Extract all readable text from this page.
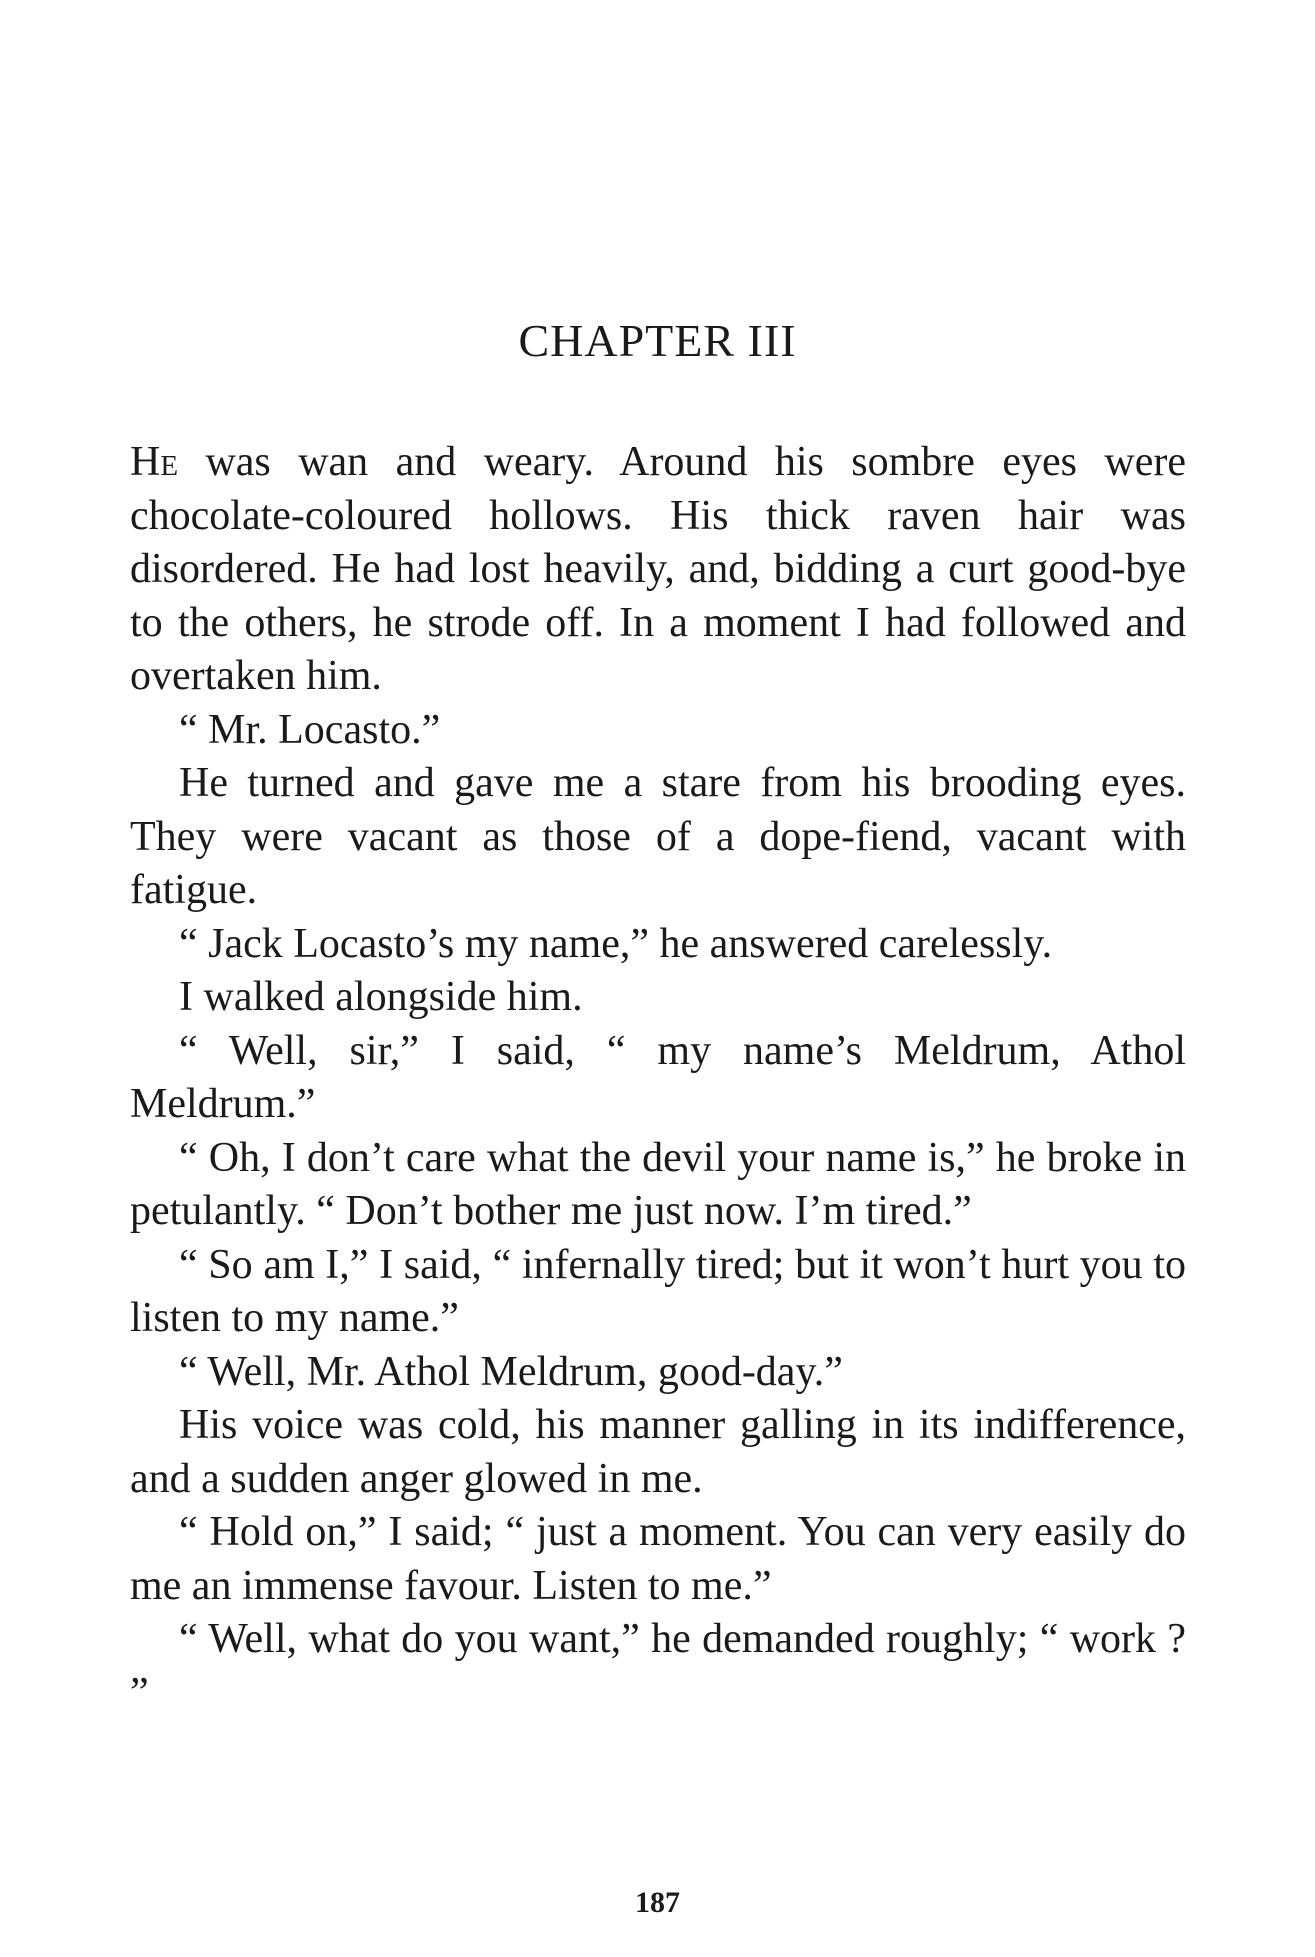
CHAPTER III

He was wan and weary. Around his sombre eyes were chocolate-coloured hollows. His thick raven hair was disordered. He had lost heavily, and, bidding a curt good-bye to the others, he strode off. In a moment I had followed and overtaken him.

“ Mr. Locasto.”

He turned and gave me a stare from his brooding eyes. They were vacant as those of a dope-fiend, vacant with fatigue.

“ Jack Locasto’s my name,” he answered carelessly.

I walked alongside him.

“ Well, sir,” I said, “ my name’s Meldrum, Athol Meldrum.”

“ Oh, I don’t care what the devil your name is,” he broke in petulantly. “ Don’t bother me just now. I’m tired.”

“ So am I,” I said, “ infernally tired; but it won’t hurt you to listen to my name.”

“ Well, Mr. Athol Meldrum, good-day.”

His voice was cold, his manner galling in its indifference, and a sudden anger glowed in me.

“ Hold on,” I said; “ just a moment. You can very easily do me an immense favour. Listen to me.”

“ Well, what do you want,” he demanded roughly; “ work ? ”

187
